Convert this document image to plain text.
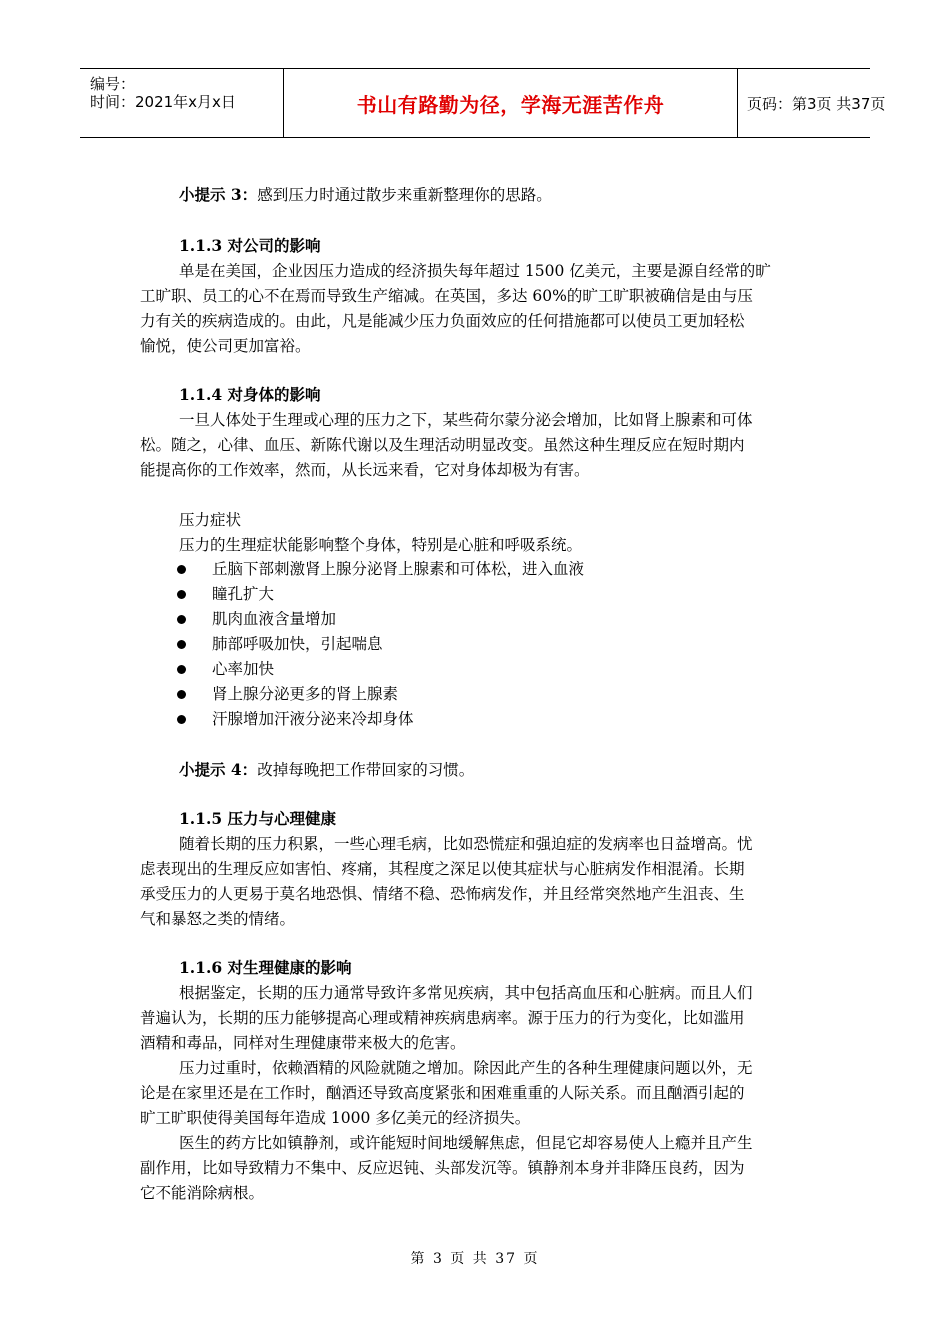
编号：
时间：2021年x月x日	书山有路勤为径，学海无涯苦作舟	页码：第3页 共37页
小提示 3：感到压力时通过散步来重新整理你的思路。
1.1.3 对公司的影响
单是在美国，企业因压力造成的经济损失每年超过 1500 亿美元，主要是源自经常的旷
工旷职、员工的心不在焉而导致生产缩减。在英国，多达 60%的旷工旷职被确信是由与压
力有关的疾病造成的。由此，凡是能减少压力负面效应的任何措施都可以使员工更加轻松
愉悦，使公司更加富裕。
1.1.4 对身体的影响
一旦人体处于生理或心理的压力之下，某些荷尔蒙分泌会增加，比如肾上腺素和可体
松。随之，心律、血压、新陈代谢以及生理活动明显改变。虽然这种生理反应在短时期内
能提高你的工作效率，然而，从长远来看，它对身体却极为有害。
压力症状
压力的生理症状能影响整个身体，特别是心脏和呼吸系统。
丘脑下部刺激肾上腺分泌肾上腺素和可体松，进入血液
瞳孔扩大
肌肉血液含量增加
肺部呼吸加快，引起喘息
心率加快
肾上腺分泌更多的肾上腺素
汗腺增加汗液分泌来冷却身体
小提示 4：改掉每晚把工作带回家的习惯。
1.1.5 压力与心理健康
随着长期的压力积累，一些心理毛病，比如恐慌症和强迫症的发病率也日益增高。忧
虑表现出的生理反应如害怕、疼痛，其程度之深足以使其症状与心脏病发作相混淆。长期
承受压力的人更易于莫名地恐惧、情绪不稳、恐怖病发作，并且经常突然地产生沮丧、生
气和暴怒之类的情绪。
1.1.6 对生理健康的影响
根据鉴定，长期的压力通常导致许多常见疾病，其中包括高血压和心脏病。而且人们
普遍认为，长期的压力能够提高心理或精神疾病患病率。源于压力的行为变化，比如滥用
酒精和毒品，同样对生理健康带来极大的危害。
压力过重时，依赖酒精的风险就随之增加。除因此产生的各种生理健康问题以外，无
论是在家里还是在工作时，酗酒还导致高度紧张和困难重重的人际关系。而且酗酒引起的
旷工旷职使得美国每年造成 1000 多亿美元的经济损失。
医生的药方比如镇静剂，或许能短时间地缓解焦虑，但昆它却容易使人上瘾并且产生
副作用，比如导致精力不集中、反应迟钝、头部发沉等。镇静剂本身并非降压良药，因为
它不能消除病根。
第 3 页 共 37 页
